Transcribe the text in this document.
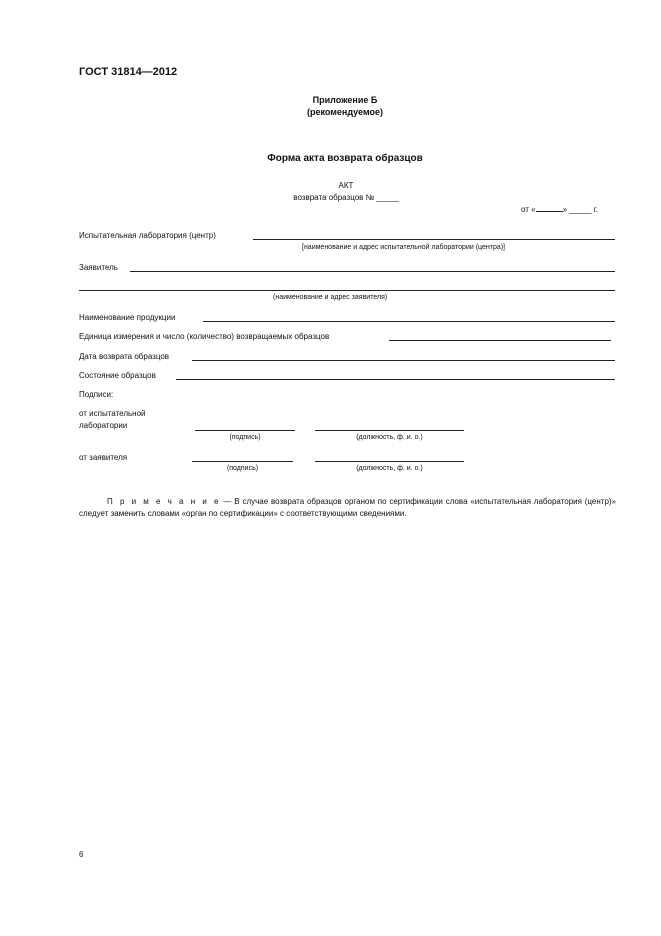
ГОСТ 31814—2012
Приложение Б
(рекомендуемое)
Форма акта возврата образцов
АКТ
возврата образцов № _____
от «	» _____ г.
Испытательная лаборатория (центр)
[наименование и адрес испытательной лаборатории (центра)]
Заявитель
(наименование и адрес заявителя)
Наименование продукции
Единица измерения и число (количество) возвращаемых образцов
Дата возврата образцов
Состояние образцов
Подписи:
от испытательной
лаборатории
(подпись)	(должность, ф. и. о.)
от заявителя
(подпись)	(должность, ф. и. о.)
П р и м е ч а н и е — В случае возврата образцов органом по сертификации слова «испытательная лаборатория (центр)» следует заменить словами «орган по сертификации» с соответствующими сведениями.
6
